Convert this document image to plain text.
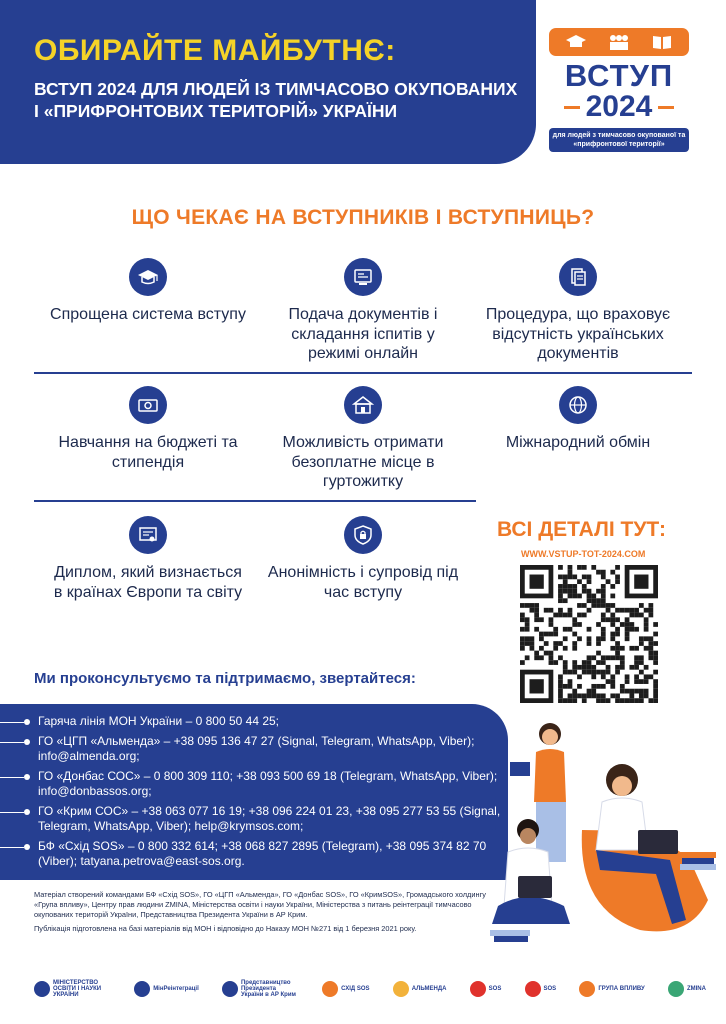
ОБИРАЙТЕ МАЙБУТНЄ:
ВСТУП 2024 ДЛЯ ЛЮДЕЙ ІЗ ТИМЧАСОВО ОКУПОВАНИХ І «ПРИФРОНТОВИХ ТЕРИТОРІЙ» УКРАЇНИ
ВСТУП
2024
для людей з тимчасово окупованої та «прифронтової території»
ЩО ЧЕКАЄ НА ВСТУПНИКІВ І ВСТУПНИЦЬ?
Спрощена система вступу	Подача документів і складання іспитів у режимі онлайн
Процедура, що враховує відсутність українських документів
Навчання на бюджеті та стипендія
Можливість отримати безоплатне місце в гуртожитку
Міжнародний обмін
Диплом, який визнається в країнах Європи та світу
Анонімність і супровід під час вступу
ВСІ ДЕТАЛІ ТУТ:
WWW.VSTUP-TOT-2024.COM
Ми проконсультуємо та підтримаємо, звертайтеся:
Гаряча лінія МОН України – 0 800 50 44 25;
ГО «ЦГП «Альменда» – +38 095 136 47 27 (Signal, Telegram, WhatsApp, Viber); info@almenda.org;
ГО «Донбас СОС» – 0 800 309 110; +38 093 500 69 18 (Telegram, WhatsApp, Viber); info@donbassos.org;
ГО «Крим СОС» – +38 063 077 16 19; +38 096 224 01 23, +38 095 277 53 55 (Signal, Telegram, WhatsApp, Viber); help@krymsos.com;
БФ «Схід SOS» – 0 800 332 614; +38 068 827 2895 (Telegram), +38 095 374 82 70 (Viber); tatyana.petrova@east-sos.org.
Матеріал створений командами БФ «Схід SOS», ГО «ЦГП «Альменда», ГО «Донбас SOS», ГО «КримSOS», Громадського холдингу «Група впливу», Центру прав людини ZMINA, Міністерства освіти і науки України, Міністерства з питань реінтеграції тимчасово окупованих територій України, Представництва Президента України в АР Крим.
Публікація підготовлена на базі матеріалів від МОН і відповідно до Наказу МОН №271 від 1 березня 2021 року.
МІНІСТЕРСТВО ОСВІТИ І НАУКИ УКРАЇНИ
МінРеінтеграції
Представництво Президента України в АР Крим
СХІД SOS	АЛЬМЕНДА	SOS	SOS	ГРУПА ВПЛИВУ	ZMINA
